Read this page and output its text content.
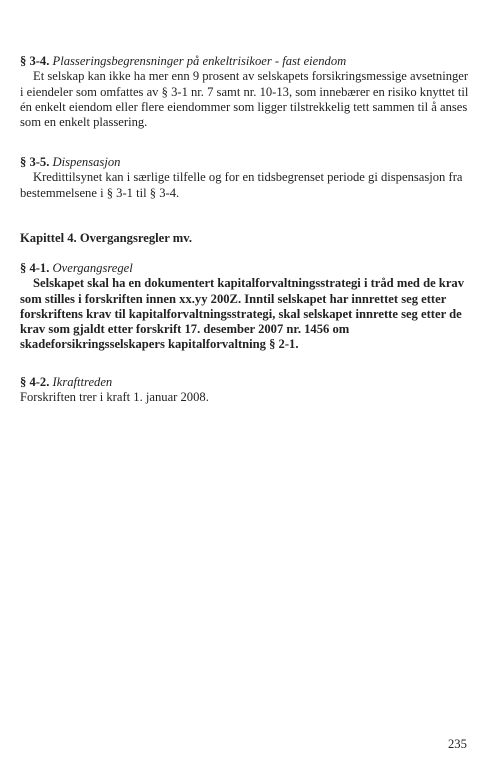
§ 3-4. Plasseringsbegrensninger på enkeltrisikoer - fast eiendom
Et selskap kan ikke ha mer enn 9 prosent av selskapets forsikringsmessige avsetninger i eiendeler som omfattes av § 3-1 nr. 7 samt nr. 10-13, som innebærer en risiko knyttet til én enkelt eiendom eller flere eiendommer som ligger tilstrekkelig tett sammen til å anses som en enkelt plassering.
§ 3-5. Dispensasjon
Kredittilsynet kan i særlige tilfelle og for en tidsbegrenset periode gi dispensasjon fra bestemmelsene i § 3-1 til § 3-4.
Kapittel 4. Overgangsregler mv.
§ 4-1. Overgangsregel
Selskapet skal ha en dokumentert kapitalforvaltningsstrategi i tråd med de krav som stilles i forskriften innen xx.yy 200Z. Inntil selskapet har innrettet seg etter forskriftens krav til kapitalforvaltningsstrategi, skal selskapet innrette seg etter de krav som gjaldt etter forskrift 17. desember 2007 nr. 1456 om skadeforsikringsselskapers kapitalforvaltning § 2-1.
§ 4-2. Ikrafttreden
Forskriften trer i kraft 1. januar 2008.
235
